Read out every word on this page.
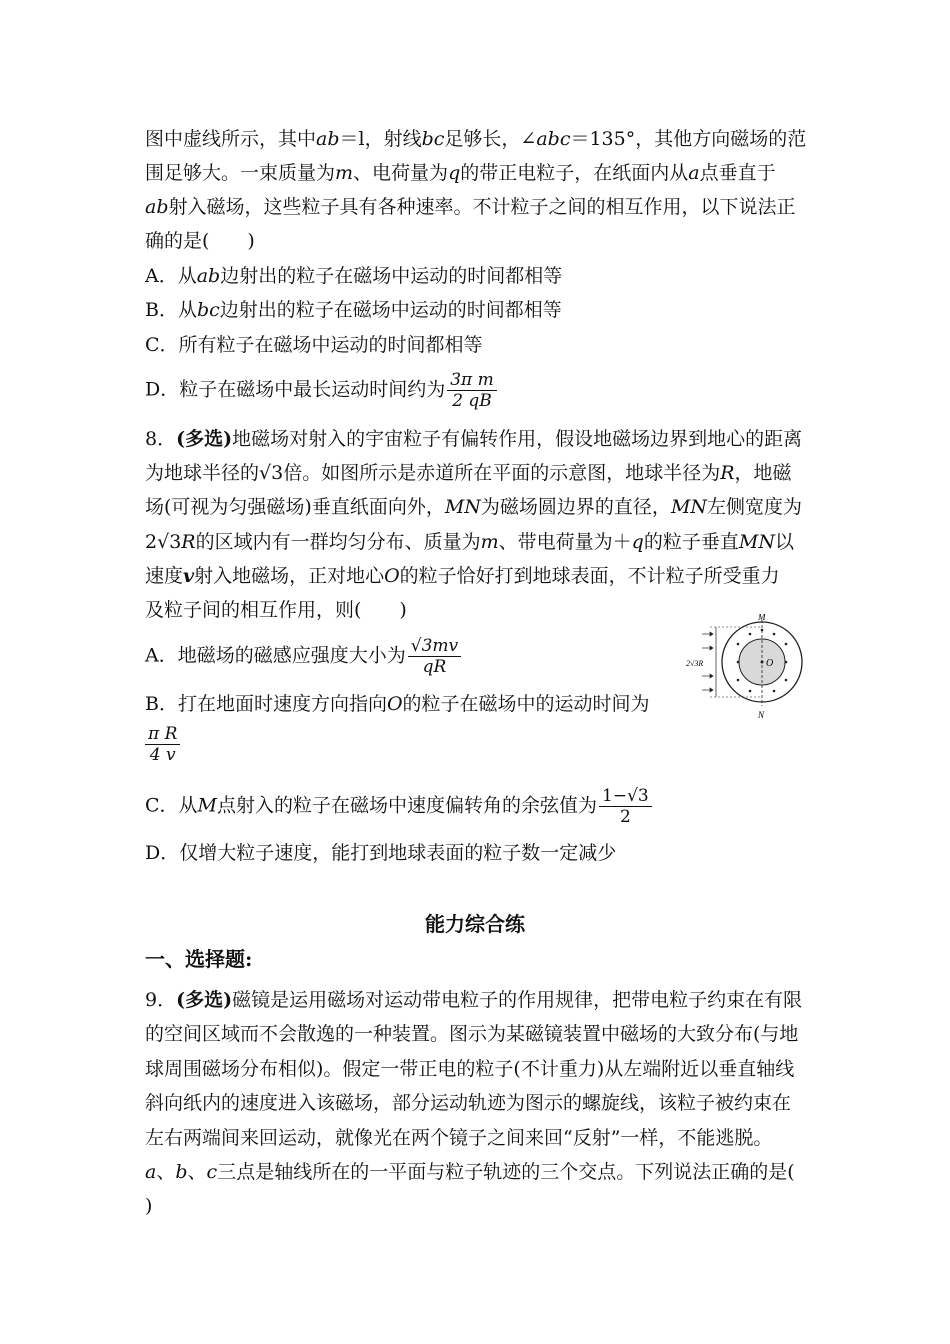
图中虚线所示，其中ab＝l，射线bc足够长，∠abc＝135°，其他方向磁场的范
围足够大。一束质量为m、电荷量为q的带正电粒子，在纸面内从a点垂直于
ab射入磁场，这些粒子具有各种速率。不计粒子之间的相互作用，以下说法正
确的是(　　)
A．从ab边射出的粒子在磁场中运动的时间都相等
B．从bc边射出的粒子在磁场中运动的时间都相等
C．所有粒子在磁场中运动的时间都相等
D．粒子在磁场中最长运动时间约为 $\frac{\text{3π m}}{2 qB}$
8．(多选)地磁场对射入的宇宙粒子有偏转作用，假设地磁场边界到地心的距离
为地球半径的√3倍。如图所示是赤道所在平面的示意图，地球半径为R，地磁
场(可视为匀强磁场)垂直纸面向外，MN为磁场圆边界的直径，MN左侧宽度为
2√3R的区域内有一群均匀分布、质量为m、带电荷量为＋q的粒子垂直MN以
速度v射入地磁场，正对地心O的粒子恰好打到地球表面，不计粒子所受重力
及粒子间的相互作用，则(　　)
A．地磁场的磁感应强度大小为 $\frac{√3mv}{qR}$
B．打在地面时速度方向指向O的粒子在磁场中的运动时间为
$\frac{\text{π R}}{4 v}$
C．从M点射入的粒子在磁场中速度偏转角的余弦值为 $\frac{1-√3}{2}$
D．仅增大粒子速度，能打到地球表面的粒子数一定减少
O
M
N
2√3R
能力综合练
一、选择题:
9．(多选)磁镜是运用磁场对运动带电粒子的作用规律，把带电粒子约束在有限
的空间区域而不会散逸的一种装置。图示为某磁镜装置中磁场的大致分布(与地
球周围磁场分布相似)。假定一带正电的粒子(不计重力)从左端附近以垂直轴线
斜向纸内的速度进入该磁场，部分运动轨迹为图示的螺旋线，该粒子被约束在
左右两端间来回运动，就像光在两个镜子之间来回“反射”一样，不能逃脱。
a、b、c三点是轴线所在的一平面与粒子轨迹的三个交点。下列说法正确的是(
)
